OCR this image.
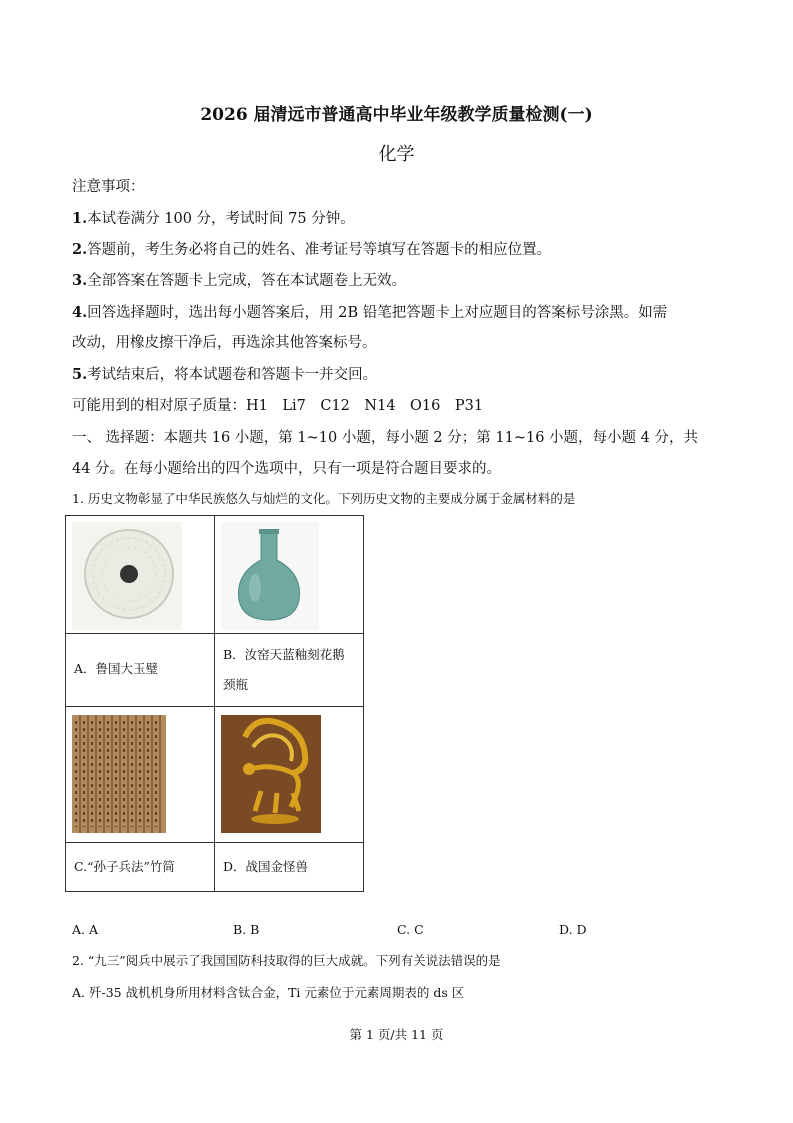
2026 届清远市普通高中毕业年级教学质量检测(一)
化学
注意事项：
1.本试卷满分 100 分，考试时间 75 分钟。
2.答题前，考生务必将自己的姓名、准考证号等填写在答题卡的相应位置。
3.全部答案在答题卡上完成，答在本试题卷上无效。
4.回答选择题时，选出每小题答案后，用 2B 铅笔把答题卡上对应题目的答案标号涂黑。如需
改动，用橡皮擦干净后，再选涂其他答案标号。
5.考试结束后，将本试题卷和答题卡一并交回。
可能用到的相对原子质量：H1　Li7　C12　N14　O16　P31
一、 选择题：本题共 16 小题，第 1~10 小题，每小题 2 分；第 11~16 小题，每小题 4 分，共
44 分。在每小题给出的四个选项中，只有一项是符合题目要求的。
1. 历史文物彰显了中华民族悠久与灿烂的文化。下列历史文物的主要成分属于金属材料的是

A．鲁国大玉璧	B．汝窑天蓝釉刻花鹅
颈瓶

C.“孙子兵法”竹简	D．战国金怪兽
A. A	B. B	C. C	D. D
2. “九三”阅兵中展示了我国国防科技取得的巨大成就。下列有关说法错误的是
A. 歼-35 战机机身所用材料含钛合金，Ti 元素位于元素周期表的 ds 区
第 1 页/共 11 页
